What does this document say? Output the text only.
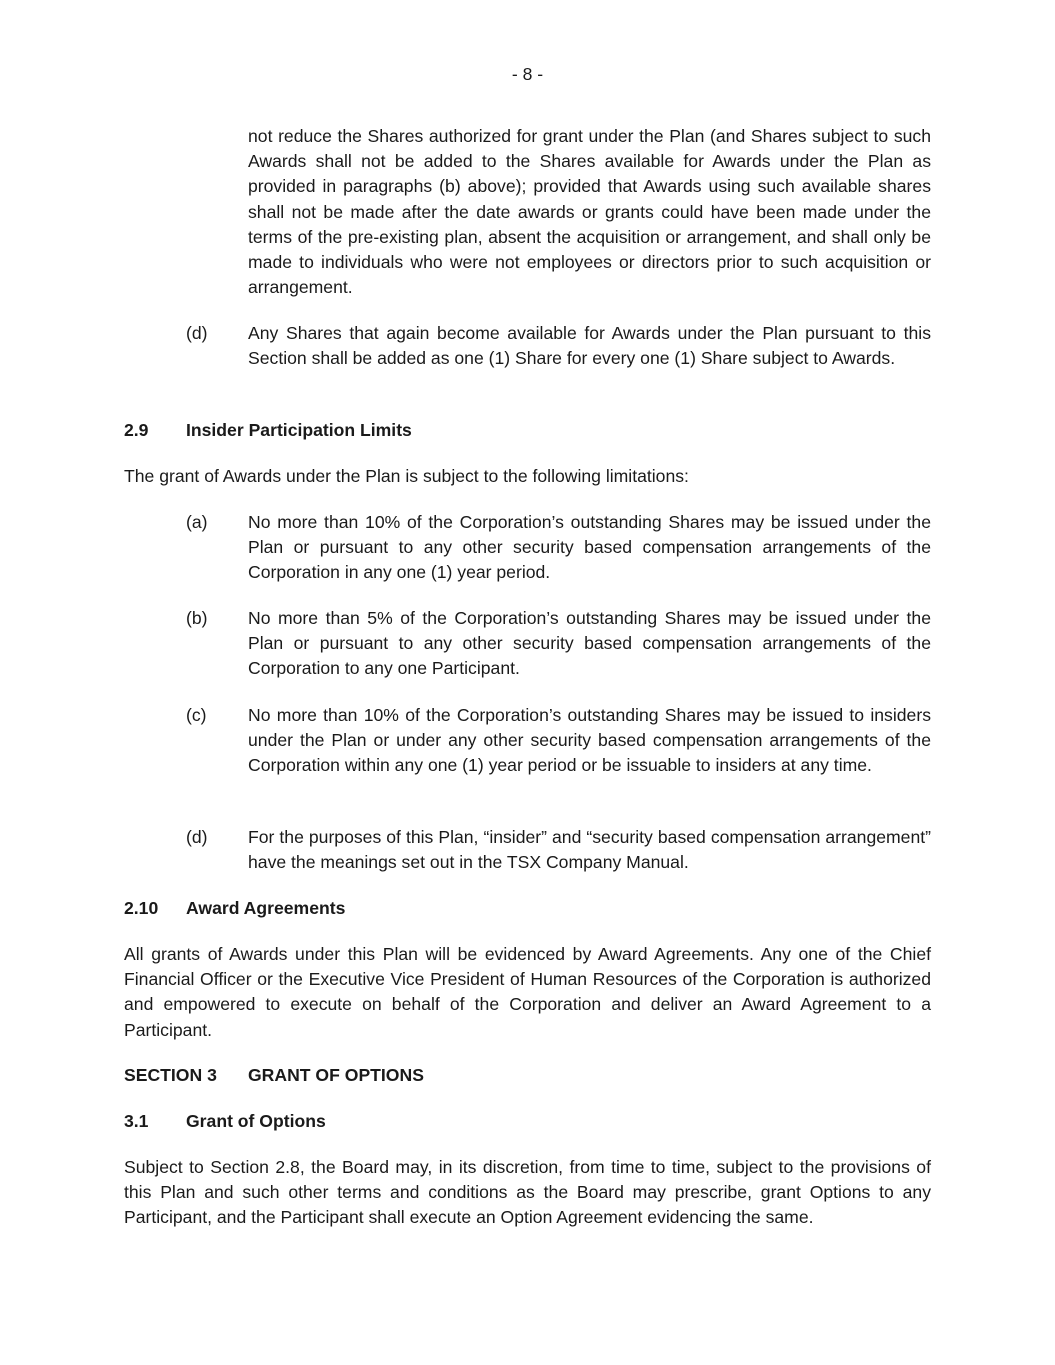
- 8 -
not reduce the Shares authorized for grant under the Plan (and Shares subject to such Awards shall not be added to the Shares available for Awards under the Plan as provided in paragraphs (b) above); provided that Awards using such available shares shall not be made after the date awards or grants could have been made under the terms of the pre-existing plan, absent the acquisition or arrangement, and shall only be made to individuals who were not employees or directors prior to such acquisition or arrangement.
(d)	Any Shares that again become available for Awards under the Plan pursuant to this Section shall be added as one (1) Share for every one (1) Share subject to Awards.
2.9 Insider Participation Limits
The grant of Awards under the Plan is subject to the following limitations:
(a)	No more than 10% of the Corporation’s outstanding Shares may be issued under the Plan or pursuant to any other security based compensation arrangements of the Corporation in any one (1) year period.
(b)	No more than 5% of the Corporation’s outstanding Shares may be issued under the Plan or pursuant to any other security based compensation arrangements of the Corporation to any one Participant.
(c)	No more than 10% of the Corporation’s outstanding Shares may be issued to insiders under the Plan or under any other security based compensation arrangements of the Corporation within any one (1) year period or be issuable to insiders at any time.
(d)	For the purposes of this Plan, “insider” and “security based compensation arrangement” have the meanings set out in the TSX Company Manual.
2.10 Award Agreements
All grants of Awards under this Plan will be evidenced by Award Agreements. Any one of the Chief Financial Officer or the Executive Vice President of Human Resources of the Corporation is authorized and empowered to execute on behalf of the Corporation and deliver an Award Agreement to a Participant.
SECTION 3 GRANT OF OPTIONS
3.1 Grant of Options
Subject to Section 2.8, the Board may, in its discretion, from time to time, subject to the provisions of this Plan and such other terms and conditions as the Board may prescribe, grant Options to any Participant, and the Participant shall execute an Option Agreement evidencing the same.
